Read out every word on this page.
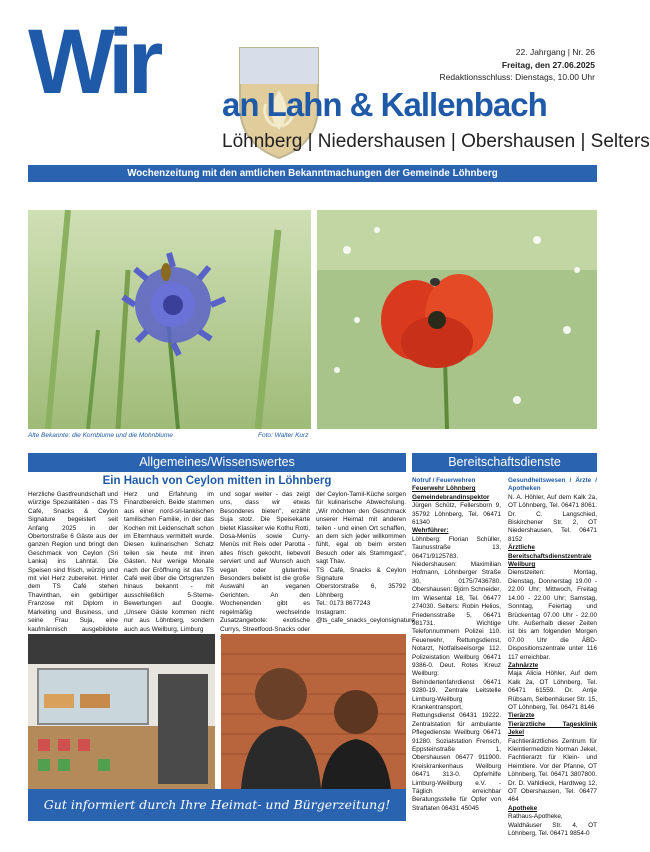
Wir an Lahn & Kallenbach
Löhnberg | Niedershausen | Obershausen | Selters
22. Jahrgang | Nr. 26
Freitag, den 27.06.2025
Redaktionsschluss: Dienstags, 10.00 Uhr
Wochenzeitung mit den amtlichen Bekanntmachungen der Gemeinde Löhnberg
Alte Bekannte: die Kornblume und die Mohnblume	Foto: Walter Kurz
Allgemeines/Wissenswertes	Bereitschaftsdienste
Ein Hauch von Ceylon mitten in Löhnberg
Herzliche Gastfreundschaft und würzige Spezialitäten - das TS Café, Snacks & Ceylon Signature begeistert seit Anfang 2025 in der Obertorstraße 6 Gäste aus der ganzen Region und bringt den Geschmack von Ceylon (Sri Lanka) ins Lahntal. Die Speisen sind frisch, würzig und mit viel Herz zubereitet. Hinter dem TS Café stehen Thavinthan, ein gebürtiger Franzose mit Diplom in Marketing und Business, und seine Frau Suja, eine kaufmännisch ausgebildete
Herz und Erfahrung im Finanzbereich. Beide stammen aus einer nord-sri-lankischen tamilischen Familie, in der das Kochen mit Leidenschaft schon im Elternhaus vermittelt wurde. Diesen kulinarischen Schatz teilen sie heute mit ihren Gästen. Nur wenige Monate nach der Eröffnung ist das TS Café weit über die Ortsgrenzen hinaus bekannt - mit ausschließlich 5-Sterne-Bewertungen auf Google. „Unsere Gäste kommen nicht nur aus Löhnberg, sondern auch aus Weilburg, Limburg
und sogar weiter - das zeigt uns, dass wir etwas Besonderes bieten", erzählt Suja stolz. Die Speisekarte bietet Klassiker wie Kothu Rotti, Dosa-Menüs sowie Curry-Menüs mit Reis oder Parotta - alles frisch gekocht, liebevoll serviert und auf Wunsch auch vegan oder glutenfrei. Besonders beliebt ist die große Auswahl an veganen Gerichten. An den Wochenenden gibt es regelmäßig wechselnde Zusatzangebote: exotische Currys, Streetfood-Snacks oder

der Ceylon-Tamil-Küche sorgen für kulinarische Abwechslung. „Wir möchten den Geschmack unserer Heimat mit anderen teilen - und einen Ort schaffen, an dem sich jeder willkommen fühlt, egal ob beim ersten Besuch oder als Stammgast", sagt Thav.

TS Café, Snacks & Ceylon Signature

Oberstorstraße 6, 35792 Löhnberg

Tel.: 0173 8677243

Instagram: @ts_cafe_snacks_ceylonsignature

Gut informiert durch Ihre Heimat- und Bürgerzeitung!

Notruf / Feuerwehren

Feuerwehr Löhnberg

Gemeindebrandinspektor

Jürgen Schütz, Fellersborn 9, 35792 Löhnberg, Tel. 06471 61340

Wehrführer:

Löhnberg: Florian Schüller, Taunusstraße 13, 06471/9125783. Niedershausen: Maximilian Hofmann, Löhnberger Straße 30, 0175/7436780. Obershausen: Björn Schneider, Im Wiesental 18, Tel. 06477 274030. Selters: Robin Helios, Friedensstraße 5, 06471 981731. Wichtige Telefonnummern Polizei 110. Feuerwehr, Rettungsdienst, Notarzt, Notfallseelsorge 112. Polizeistation Weilburg 06471 9386-0. Deut. Rotes Kreuz Weilburg: Behindertenfahrdienst 06471 9280-19. Zentrale Leitstelle Limburg-Weilburg Krankentransport, Rettungsdienst 06431 19222. Zentralstation für ambulante Pflegedienste Weilburg 06471 91280. Sozialstation Frensch, Eppsteinstraße 1, Obershausen 06477 911900. Kreiskrankenhaus Weilburg 06471 313-0. Opferhilfe Limburg-Weilburg e.V. - Täglich erreichbar Beratungsstelle für Opfer von Straftaten 06431 45045

Gesundheitswesen / Ärzte / Apotheken

N. A. Höhler, Auf dem Kalk 2a, OT Löhnberg, Tel. 06471 8061. Dr. C. Langschied, Biskirchener Str. 2, OT Niedershausen, Tel. 06471 8152

Ärztliche Bereitschaftsdienstzentrale Weilburg

Dienstzeiten: Montag, Dienstag, Donnerstag 19.00 - 22.00 Uhr; Mittwoch, Freitag 14.00 - 22.00 Uhr; Samstag, Sonntag, Feiertag und Brückentag 07.00 Uhr - 22.00 Uhr. Außerhalb dieser Zeiten ist bis am folgenden Morgen 07.00 Uhr die ÄBD-Dispositionszentrale unter 116 117 erreichbar.

Zahnärzte

Maja Alicia Höhler, Auf dem Kalk 2a, OT Löhnberg, Tel. 06471 61559. Dr. Antje Rübsam, Selbenhäuser Str. 15, OT Löhnberg, Tel. 06471 8146

Tierärzte

Tierärztliche Tagesklinik Jekel

Fachtierärztliches Zentrum für Kleintiermedizin Norman Jekel, Fachtierarzt für Klein- und Heimtiere. Vor der Pfanne, OT Löhnberg, Tel. 06471 3807800. Dr. D. Vahldieck, Hardtweg 12, OT Obershausen, Tel. 06477 464

Apotheke

Rathaus-Apotheke, Waldhäuser Str. 4, OT Löhnberg, Tel. 06471 9854-0
